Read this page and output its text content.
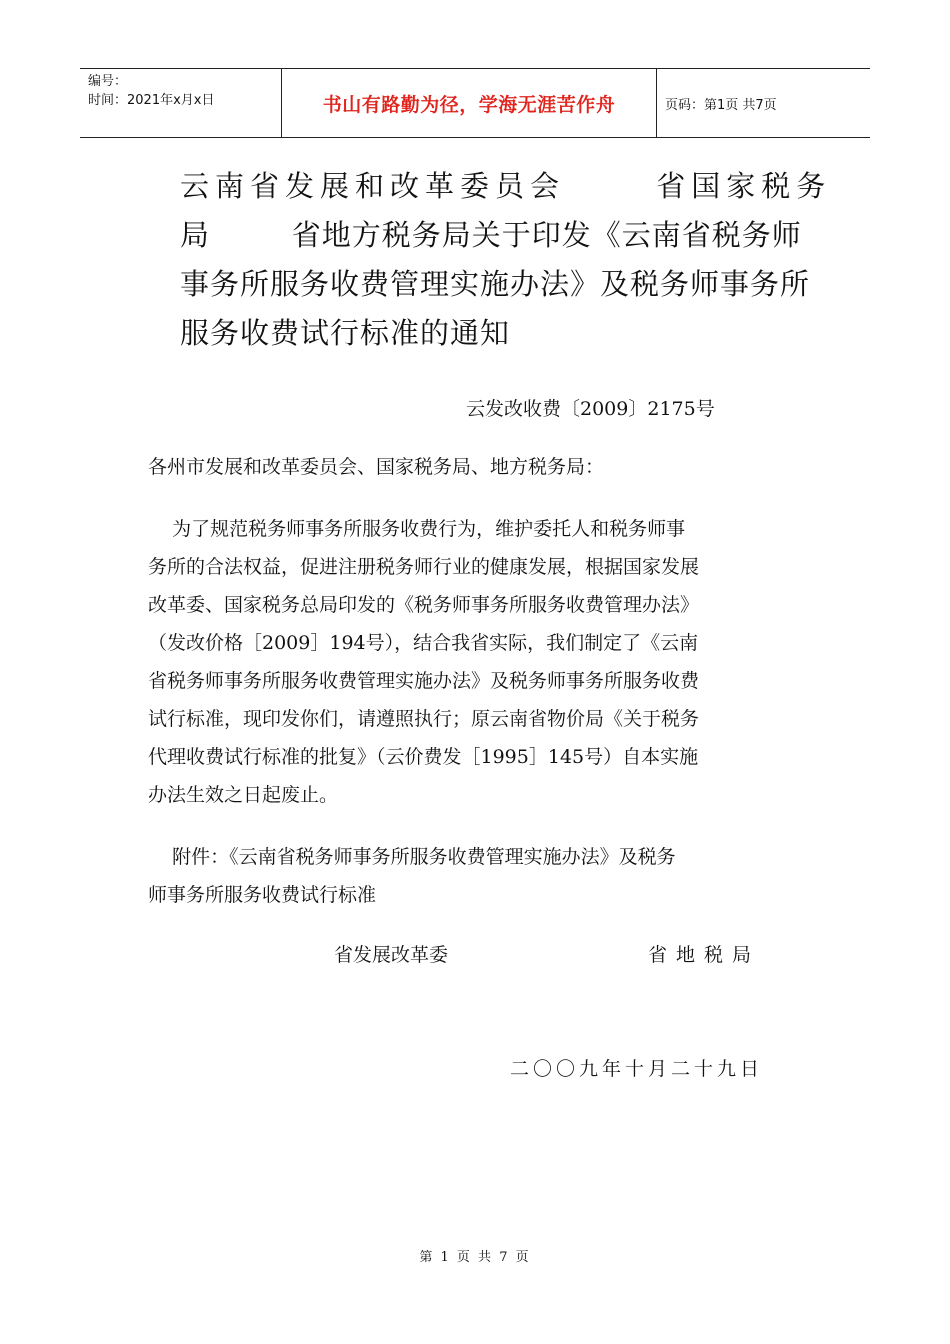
编号：
时间：2021年x月x日	书山有路勤为径，学海无涯苦作舟	页码：第1页 共7页
云南省发展和改革委员会      省国家税务
局        省地方税务局关于印发《云南省税务师
事务所服务收费管理实施办法》及税务师事务所
服务收费试行标准的通知
云发改收费〔2009〕2175号
各州市发展和改革委员会、国家税务局、地方税务局：
为了规范税务师事务所服务收费行为，维护委托人和税务师事
务所的合法权益，促进注册税务师行业的健康发展，根据国家发展
改革委、国家税务总局印发的《税务师事务所服务收费管理办法》
（发改价格［2009］194号），结合我省实际，我们制定了《云南
省税务师事务所服务收费管理实施办法》及税务师事务所服务收费
试行标准，现印发你们，请遵照执行；原云南省物价局《关于税务
代理收费试行标准的批复》（云价费发［1995］145号）自本实施
办法生效之日起废止。
附件：《云南省税务师事务所服务收费管理实施办法》及税务
师事务所服务收费试行标准
省发展改革委	省地税局
二〇〇九年十月二十九日
第 1 页 共 7 页
